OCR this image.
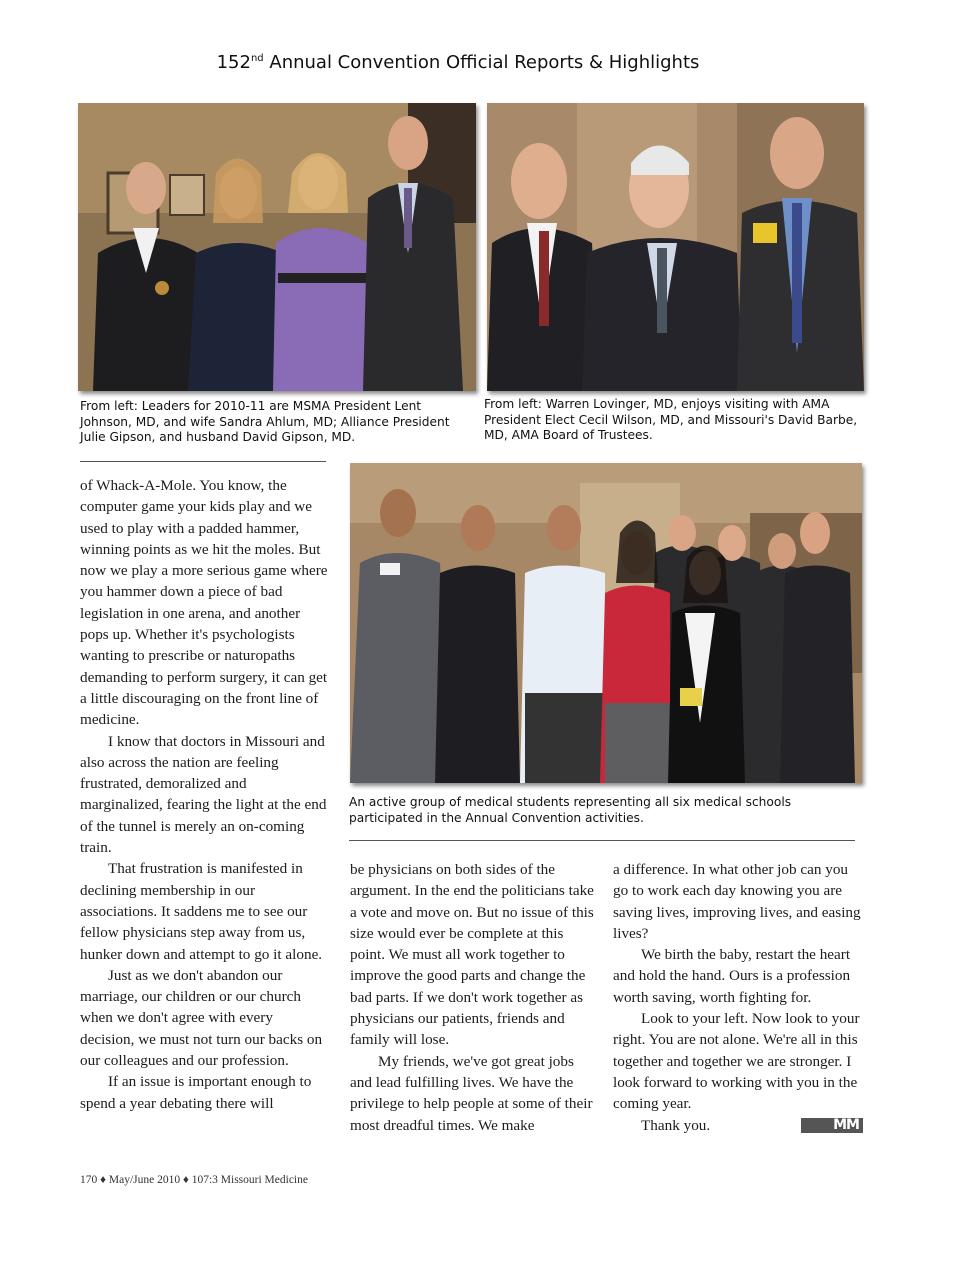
152nd Annual Convention Official Reports & Highlights
From left: Leaders for 2010-11 are MSMA President Lent Johnson, MD, and wife Sandra Ahlum, MD; Alliance President Julie Gipson, and husband David Gipson, MD.
From left: Warren Lovinger, MD, enjoys visiting with AMA President Elect Cecil Wilson, MD, and Missouri's David Barbe, MD, AMA Board of Trustees.
An active group of medical students representing all six medical schools participated in the Annual Convention activities.

of Whack-A-Mole. You know, the computer game your kids play and we used to play with a padded hammer, winning points as we hit the moles. But now we play a more serious game where you hammer down a piece of bad legislation in one arena, and another pops up. Whether it's psychologists wanting to prescribe or naturopaths demanding to perform surgery, it can get a little discouraging on the front line of medicine.

I know that doctors in Missouri and also across the nation are feeling frustrated, demoralized and marginalized, fearing the light at the end of the tunnel is merely an on-coming train.

That frustration is manifested in declining membership in our associations. It saddens me to see our fellow physicians step away from us, hunker down and attempt to go it alone.

Just as we don't abandon our marriage, our children or our church when we don't agree with every decision, we must not turn our backs on our colleagues and our profession.

If an issue is important enough to spend a year debating there will

be physicians on both sides of the argument. In the end the politicians take a vote and move on. But no issue of this size would ever be complete at this point. We must all work together to improve the good parts and change the bad parts. If we don't work together as physicians our patients, friends and family will lose.

My friends, we've got great jobs and lead fulfilling lives. We have the privilege to help people at some of their most dreadful times. We make

a difference. In what other job can you go to work each day knowing you are saving lives, improving lives, and easing lives?

We birth the baby, restart the heart and hold the hand. Ours is a profession worth saving, worth fighting for.

Look to your left. Now look to your right. You are not alone. We're all in this together and together we are stronger. I look forward to working with you in the coming year.

Thank you.	MM

170 ♦ May/June 2010 ♦ 107:3 Missouri Medicine
